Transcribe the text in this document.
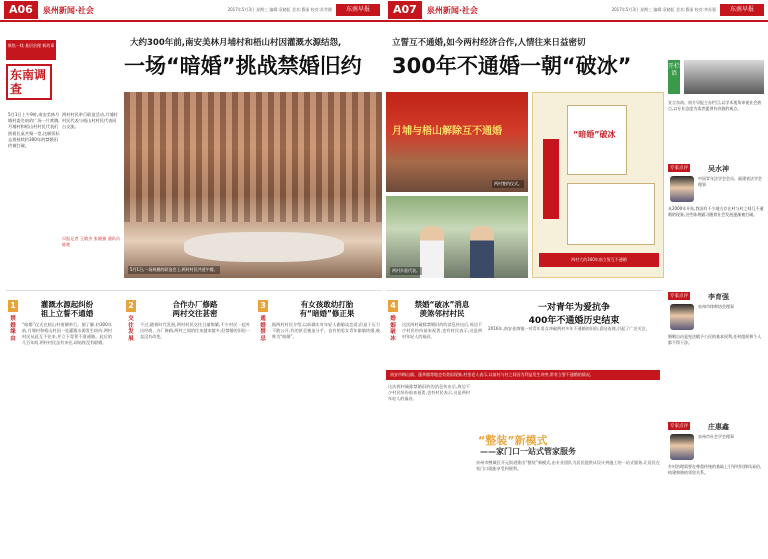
A06	泉州新闻·社会	2017年5月3日 星期三 编辑:袁晓虹 美术:曹丽 校对:苏苹健	东南早报	A07	泉州新闻·社会	2017年5月3日 星期三 编辑:袁晓虹 美术:曹丽 校对:李苏强	东南早报
大约300年前,南安美林月埔村和梧山村因灌溉水源结怨,	立誓互不通婚,如今两村经济合作,人情往来日益密切
一场“暗婚”挑战禁婚旧约 300年不通婚一朝“破冰”
聚焦一线 基层治理 新故事
东南调查
5月1日上午9时,南安美林月埔村委会前的广场一片欢腾,月埔村和梧山村村民代表们围着长桌共聚一堂,这顿饭标志着持续约300年的禁婚旧约被打破。
两村村民举行联谊活动,月埔村村民代表与梧山村村民代表同台交流。
早报记者 王敏杰 张晓雅 通讯员 陈艳
5月1日,一场规模的联谊会上,两村村民共进午餐。
月埔与梧山解除互不通婚
两村签约仪式。
两村乡贤代表。
“暗婚”破冰
两村大约300年前立誓互不通婚
1
禁婚缘由
灌溉水源起纠纷
祖上立誓不通婚
“暗婚”仪式在梧山村南侧举行。据了解,约300年前,月埔村和梧山村因一处灌溉水源发生纠纷,两村村民从此互不往来,并立下毒誓不准通婚。此后的几百年间,两村村民虽有来往,却始终没有联姻。
2
交往发展
合作办厂修路
两村交往甚密
不过,随着时代发展,两村村民交往日渐频繁,不少村民一起外出经商、办厂修路,两村之间的往来越来越多,但禁婚的旧俗一直没有改变。
3
通婚禁忌
有女孩敢幼打胎
有“暗婚”修正果
据两村村民介绍,以前确实有年轻人偷偷谈恋爱,但迫于压力不敢公开,有的甚至被迫分手。也有的男女青年偷偷结婚,被称为“暗婚”。
4
婚姻破冰
禁婚“破冰”消息
羡煞邻村村民
这次两村破除禁婚旧约的消息传出后,周边不少村民纷纷前来祝贺,也有村民表示,这是两村年轻人的福音。
一对青年为爱抗争
400年不通婚历史结束
2016年,南安金淘镇一对青年男女冲破两村多年不通婚的旧俗,喜结连理,引起了广泛关注。
南安市梅山镇、蓬华镇等地也有类似现象,村里老人表示,以前村与村之间因为利益发生冲突,常有立誓不通婚的情况。
这次两村破除禁婚旧约的消息传出后,周边不少村民纷纷前来祝贺,也有村民表示,这是两村年轻人的福音。
“整装”新模式
——家门口一站式管家服务
泉州市鲤城区开元街道推出“整装”新模式,由专业团队为居民提供从设计到施工的一站式服务,让居民在家门口就能享受到便利。
开栏语
宣言东南、南方早报主办栏目,以学术视角审视社会热点,以专业态度为读者提供有价值的观点。
专家点评	吴水神
中国青年法学会会员、福建省法学会理事
从2000年开始,我国有不少地方存在村与村之间互不通婚的现象,这些陈规陋习随着社会发展逐渐被打破。
专家点评	李育强
泉州市律师协会理事
婚姻自由是宪法赋予公民的基本权利,任何组织和个人都不得干涉。
专家点评	庄惠鑫
泉州市社会学会理事
乡村治理需要在尊重传统的基础上引导村民移风易俗,构建和谐的邻里关系。
